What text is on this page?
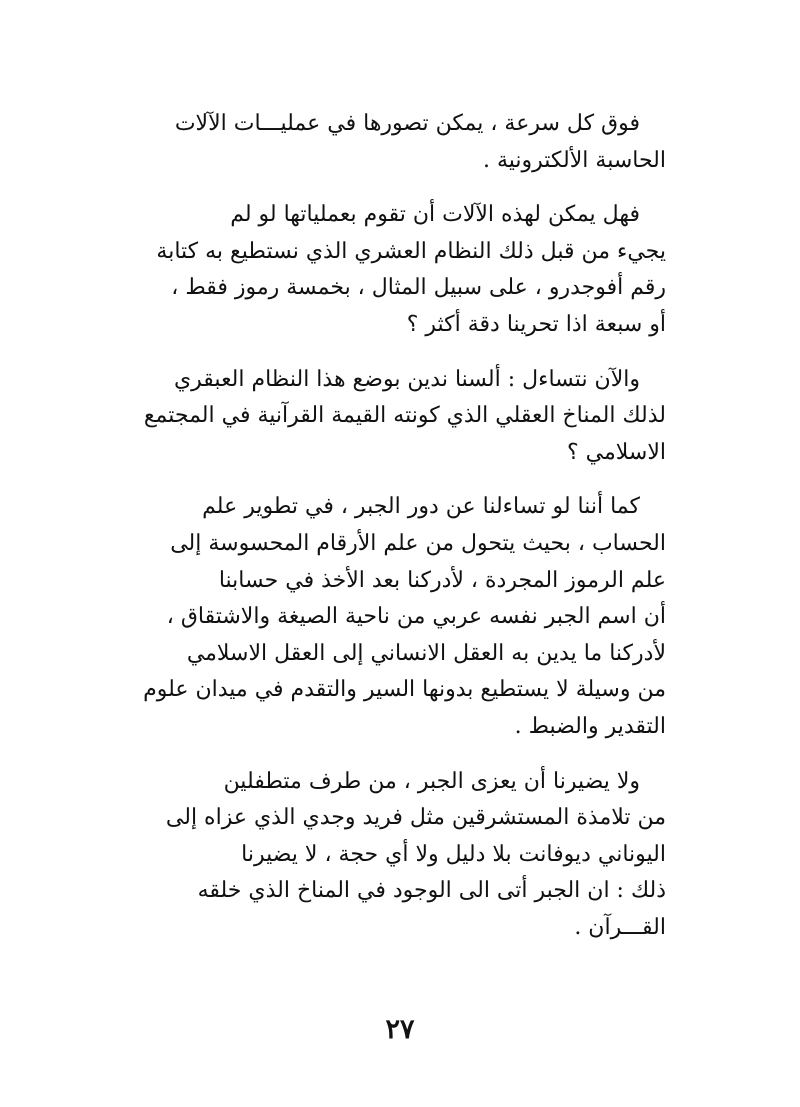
فوق كل سرعة ، يمكن تصورها في عمليـــات الآلات
الحاسبة الألكترونية .
فهل يمكن لهذه الآلات أن تقوم بعملياتها لو لم
يجيء من قبل ذلك النظام العشري الذي نستطيع به كتابة
رقم أفوجدرو ، على سبيل المثال ، بخمسة رموز فقط ،
أو سبعة اذا تحرينا دقة أكثر ؟
والآن نتساءل : ألسنا ندين بوضع هذا النظام العبقري
لذلك المناخ العقلي الذي كونته القيمة القرآنية في المجتمع
الاسلامي ؟
كما أننا لو تساءلنا عن دور الجبر ، في تطوير علم
الحساب ، بحيث يتحول من علم الأرقام المحسوسة إلى
علم الرموز المجردة ، لأدركنا بعد الأخذ في حسابنا
أن اسم الجبر نفسه عربي من ناحية الصيغة والاشتقاق ،
لأدركنا ما يدين به العقل الانساني إلى العقل الاسلامي
من وسيلة لا يستطيع بدونها السير والتقدم في ميدان علوم
التقدير والضبط .
ولا يضيرنا أن يعزى الجبر ، من طرف متطفلين
من تلامذة المستشرقين مثل فريد وجدي الذي عزاه إلى
اليوناني ديوفانت بلا دليل ولا أي حجة ، لا يضيرنا
ذلك : ان الجبر أتى الى الوجود في المناخ الذي خلقه
القـــرآن .
٢٧
